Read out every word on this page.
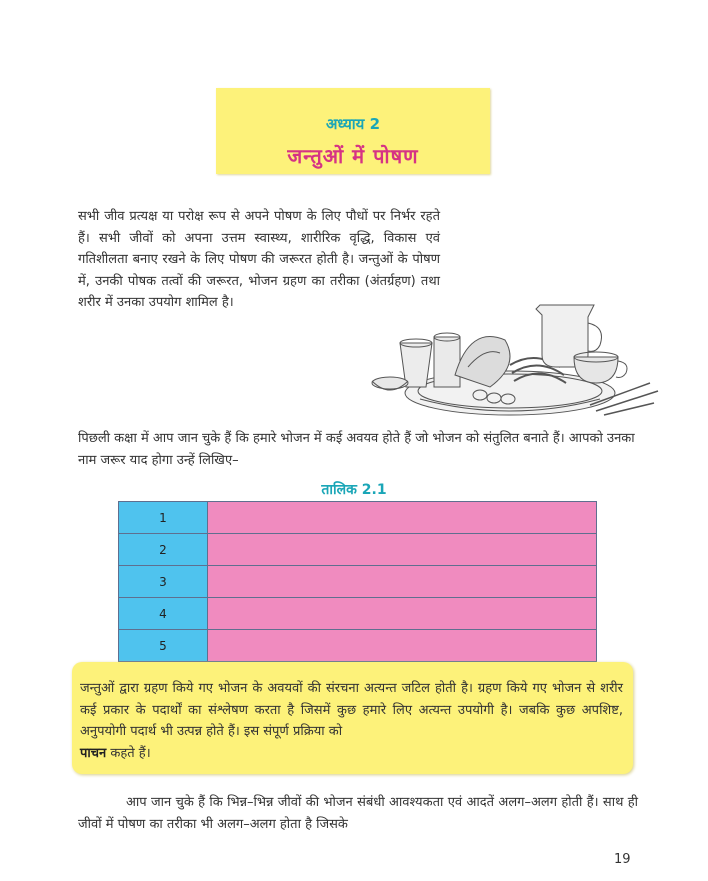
अध्याय 2
जन्तुओं में पोषण
सभी जीव प्रत्यक्ष या परोक्ष रूप से अपने पोषण के लिए पौधों पर निर्भर रहते हैं। सभी जीवों को अपना उत्तम स्वास्थ्य, शारीरिक वृद्धि, विकास एवं गतिशीलता बनाए रखने के लिए पोषण की जरूरत होती है। जन्तुओं के पोषण में, उनकी पोषक तत्वों की जरूरत, भोजन ग्रहण का तरीका (अंतर्ग्रहण) तथा शरीर में उनका उपयोग शामिल है।
पिछली कक्षा में आप जान चुके हैं कि हमारे भोजन में कई अवयव होते हैं जो भोजन को संतुलित बनाते हैं। आपको उनका नाम जरूर याद होगा उन्हें लिखिए–
तालिक 2.1
1	
2	
3	
4	
5	

जन्तुओं द्वारा ग्रहण किये गए भोजन के अवयवों की संरचना अत्यन्त जटिल होती है। ग्रहण किये गए भोजन से शरीर कई प्रकार के पदार्थों का संश्लेषण करता है जिसमें कुछ हमारे लिए अत्यन्त उपयोगी है। जबकि कुछ अपशिष्ट, अनुपयोगी पदार्थ भी उत्पन्न होते हैं। इस संपूर्ण प्रक्रिया को
पाचन कहते हैं।

आप जान चुके हैं कि भिन्न–भिन्न जीवों की भोजन संबंधी आवश्यकता एवं आदतें अलग–अलग होती हैं। साथ ही जीवों में पोषण का तरीका भी अलग–अलग होता है जिसके
19
